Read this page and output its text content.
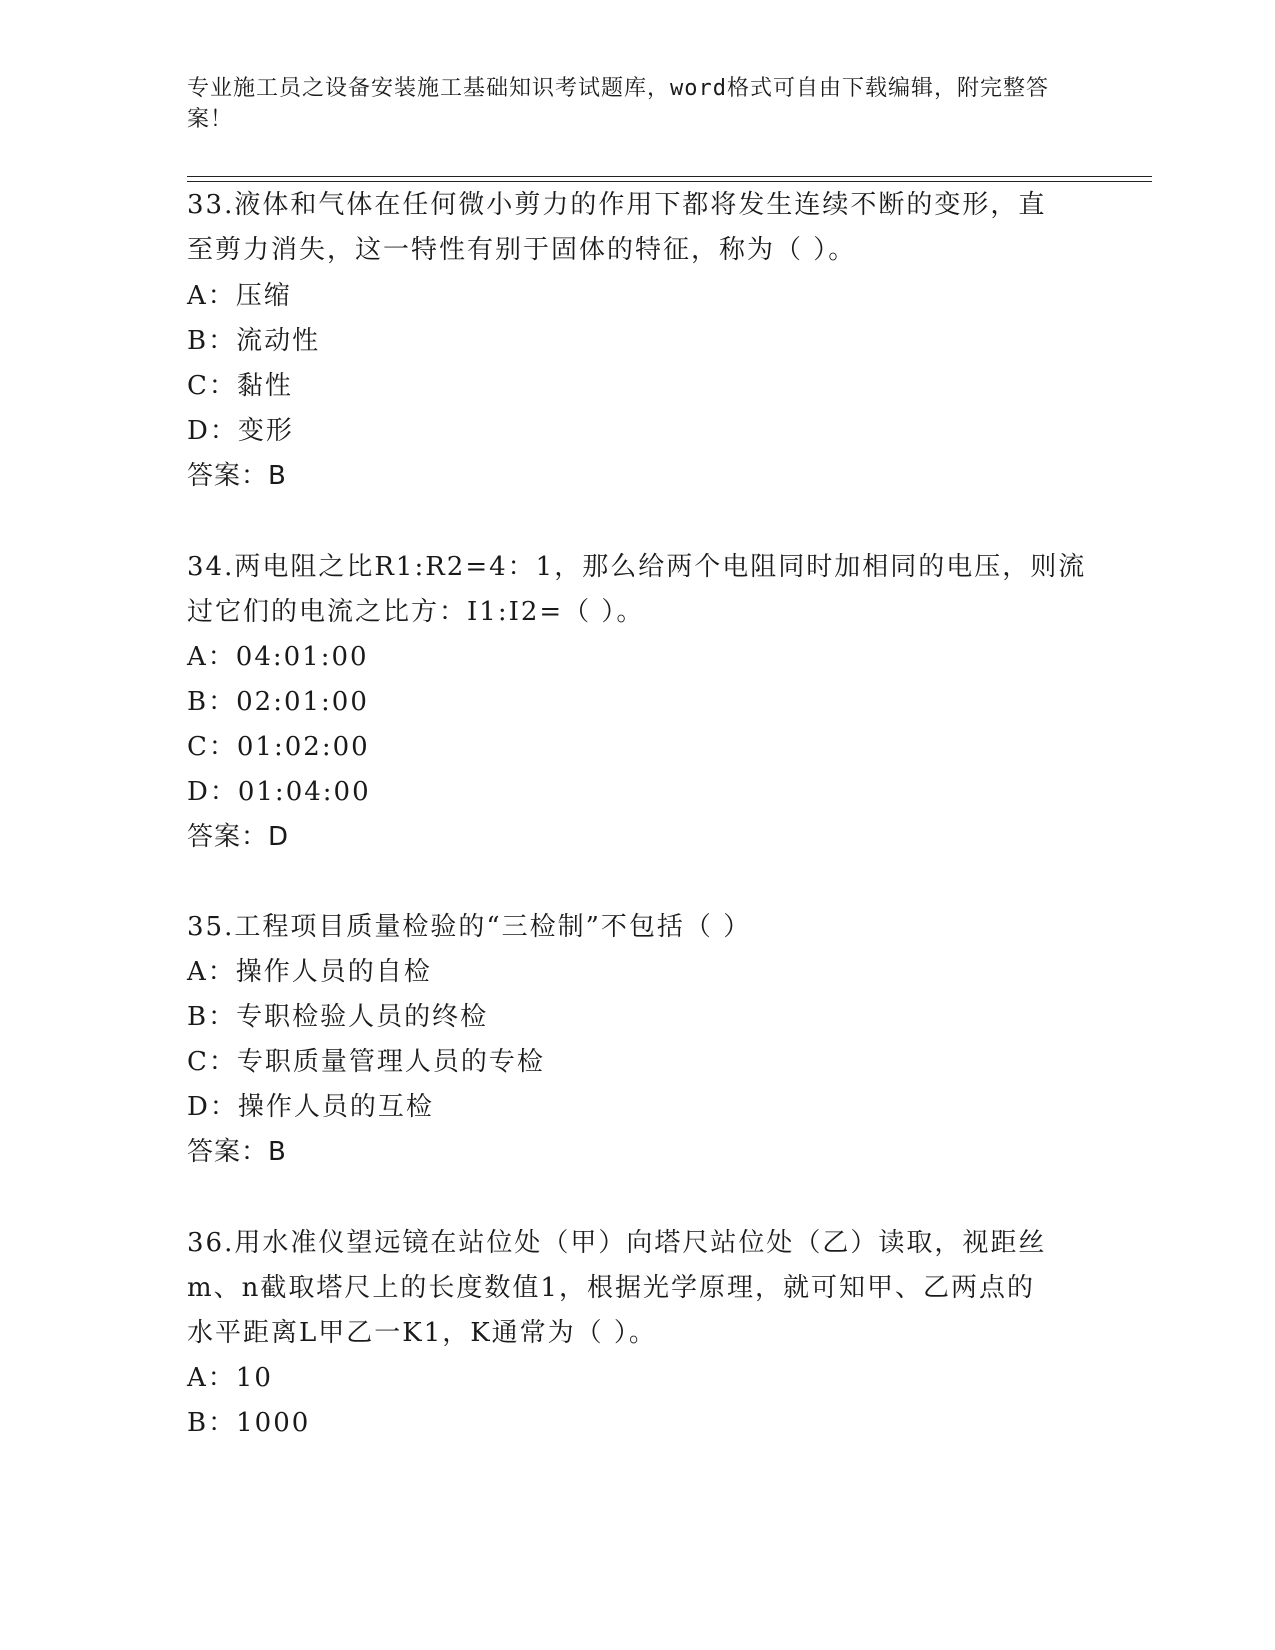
专业施工员之设备安装施工基础知识考试题库，word格式可自由下载编辑，附完整答案！
33.液体和气体在任何微小剪力的作用下都将发生连续不断的变形，直
至剪力消失，这一特性有别于固体的特征，称为（ ）。
A：压缩
B：流动性
C：黏性
D：变形
答案：B
34.两电阻之比R1:R2=4：1，那么给两个电阻同时加相同的电压，则流
过它们的电流之比方：I1:I2=（ ）。
A：04:01:00
B：02:01:00
C：01:02:00
D：01:04:00
答案：D
35.工程项目质量检验的“三检制”不包括（ ）
A：操作人员的自检
B：专职检验人员的终检
C：专职质量管理人员的专检
D：操作人员的互检
答案：B
36.用水准仪望远镜在站位处（甲）向塔尺站位处（乙）读取，视距丝
m、n截取塔尺上的长度数值1，根据光学原理，就可知甲、乙两点的
水平距离L甲乙一K1，K通常为（ ）。
A：10
B：1000
